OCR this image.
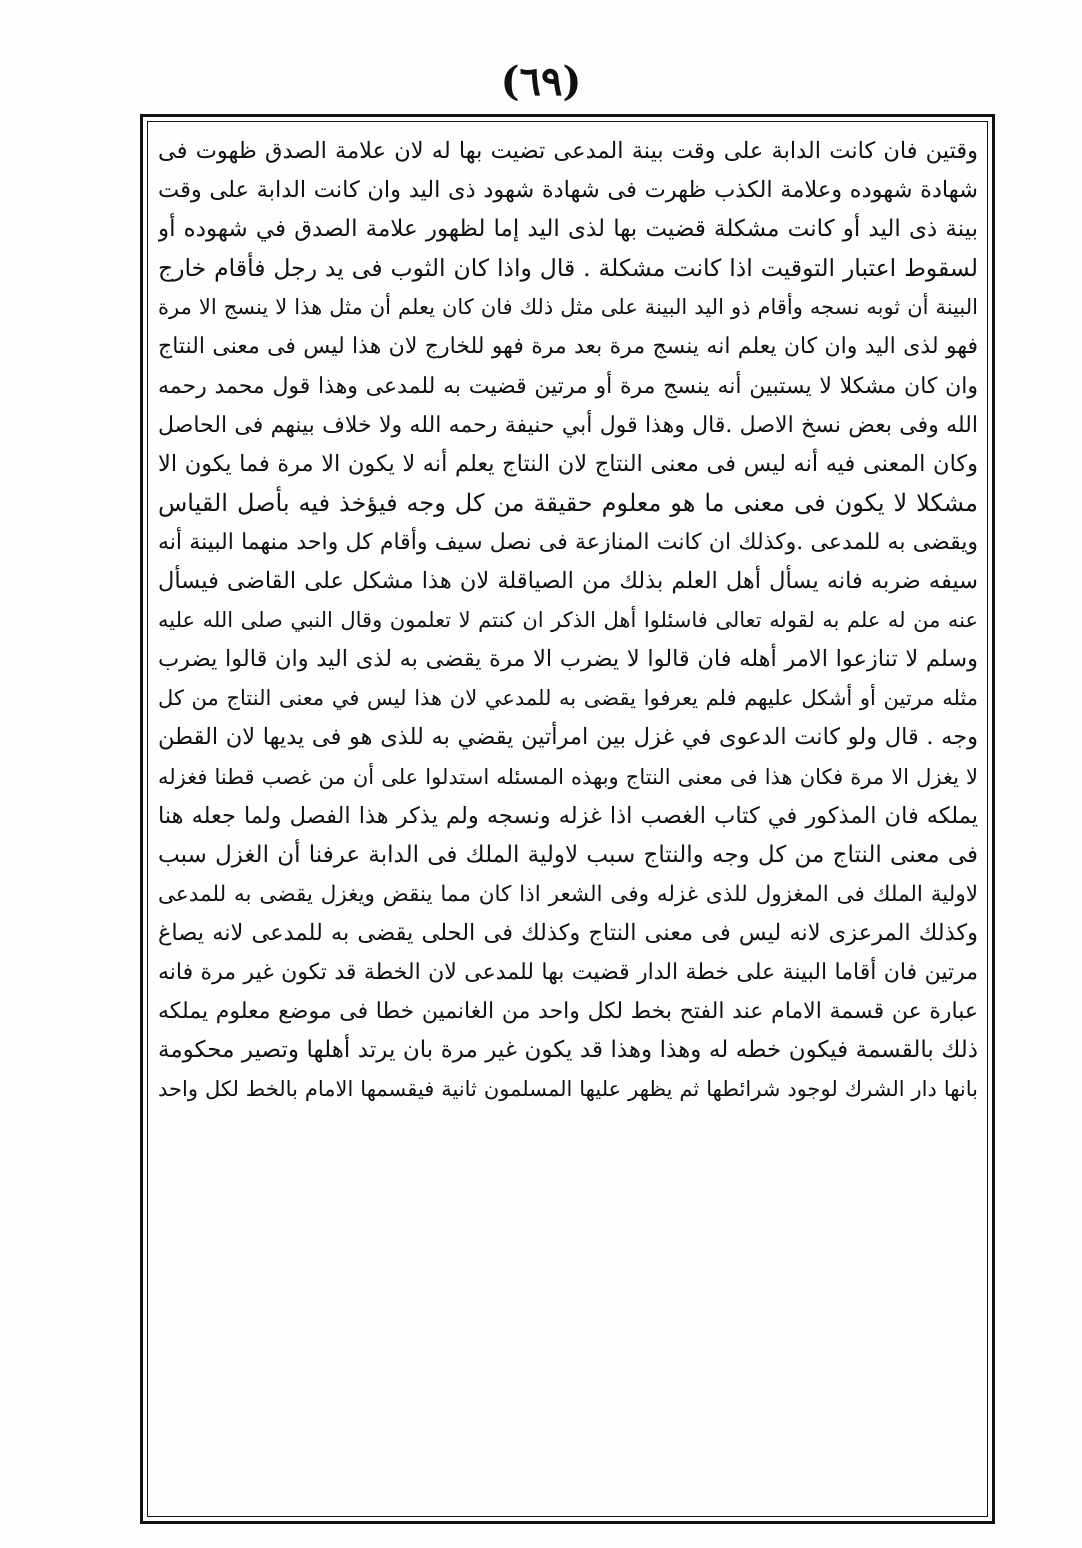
(٦٩)
وقتين فان كانت الدابة على وقت بينة المدعى تضيت بها له لان علامة الصدق ظهوت فى
شهادة شهوده وعلامة الكذب ظهرت فى شهادة شهود ذى اليد وان كانت الدابة على وقت
بينة ذى اليد أو كانت مشكلة قضيت بها لذى اليد إما لظهور علامة الصدق في شهوده أو
لسقوط اعتبار التوقيت اذا كانت مشكلة . قال واذا كان الثوب فى يد رجل فأقام خارج
البينة أن ثوبه نسجه وأقام ذو اليد البينة على مثل ذلك فان كان يعلم أن مثل هذا لا ينسج الا مرة
فهو لذى اليد وان كان يعلم انه ينسج مرة بعد مرة فهو للخارج لان هذا ليس فى معنى النتاج
وان كان مشكلا لا يستبين أنه ينسج مرة أو مرتين قضيت به للمدعى وهذا قول محمد رحمه
الله وفى بعض نسخ الاصل .قال وهذا قول أبي حنيفة رحمه الله ولا خلاف بينهم فى الحاصل
وكان المعنى فيه أنه ليس فى معنى النتاج لان النتاج يعلم أنه لا يكون الا مرة فما يكون الا
مشكلا لا يكون فى معنى ما هو معلوم حقيقة من كل وجه فيؤخذ فيه بأصل القياس
ويقضى به للمدعى .وكذلك ان كانت المنازعة فى نصل سيف وأقام كل واحد منهما البينة أنه
سيفه ضربه فانه يسأل أهل العلم بذلك من الصياقلة لان هذا مشكل على القاضى فيسأل
عنه من له علم به لقوله تعالى فاسئلوا أهل الذكر ان كنتم لا تعلمون وقال النبي صلى الله عليه
وسلم لا تنازعوا الامر أهله فان قالوا لا يضرب الا مرة يقضى به لذى اليد وان قالوا يضرب
مثله مرتين أو أشكل عليهم فلم يعرفوا يقضى به للمدعي لان هذا ليس في معنى النتاج من كل
وجه . قال ولو كانت الدعوى في غزل بين امرأتين يقضي به للذى هو فى يديها لان القطن
لا يغزل الا مرة فكان هذا فى معنى النتاج وبهذه المسئله استدلوا على أن من غصب قطنا فغزله
يملكه فان المذكور في كتاب الغصب اذا غزله ونسجه ولم يذكر هذا الفصل ولما جعله هنا
فى معنى النتاج من كل وجه والنتاج سبب لاولية الملك فى الدابة عرفنا أن الغزل سبب
لاولية الملك فى المغزول للذى غزله وفى الشعر اذا كان مما ينقض ويغزل يقضى به للمدعى
وكذلك المرعزى لانه ليس فى معنى النتاج وكذلك فى الحلى يقضى به للمدعى لانه يصاغ
مرتين فان أقاما البينة على خطة الدار قضيت بها للمدعى لان الخطة قد تكون غير مرة فانه
عبارة عن قسمة الامام عند الفتح بخط لكل واحد من الغانمين خطا فى موضع معلوم يملكه
ذلك بالقسمة فيكون خطه له وهذا وهذا قد يكون غير مرة بان يرتد أهلها وتصير محكومة
بانها دار الشرك لوجود شرائطها ثم يظهر عليها المسلمون ثانية فيقسمها الامام بالخط لكل واحد
